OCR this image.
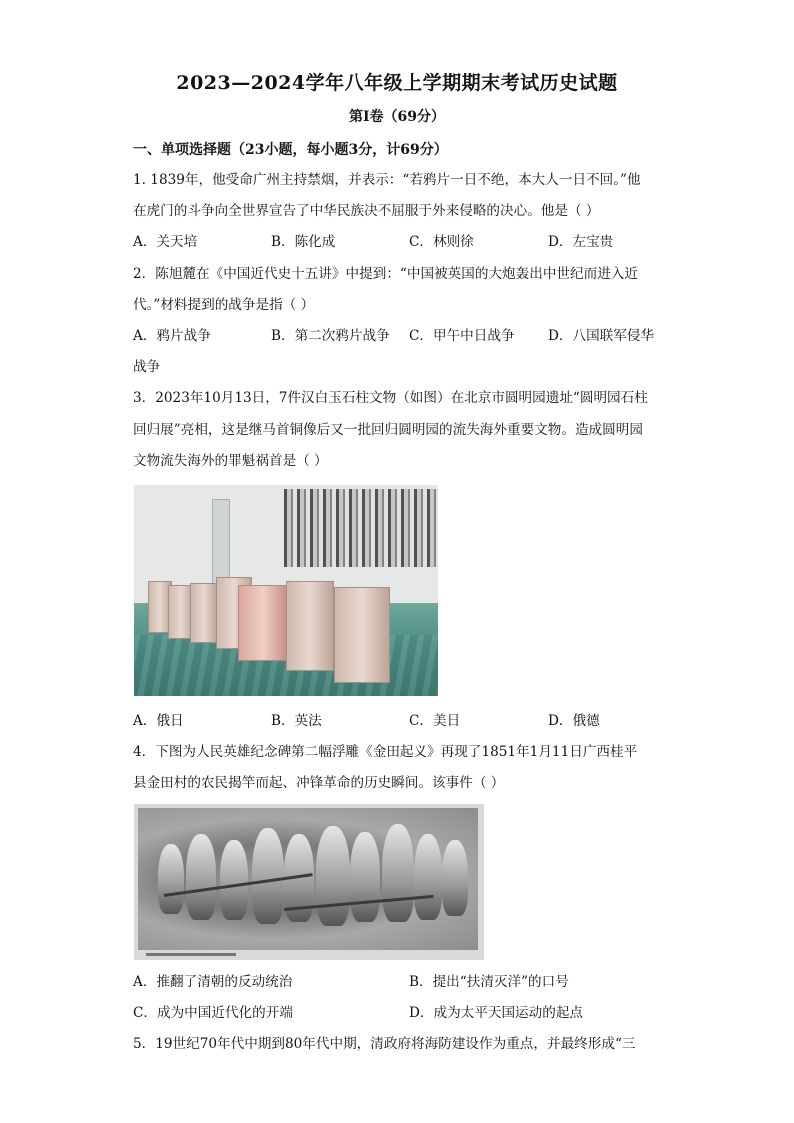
2023—2024学年八年级上学期期末考试历史试题
第Ⅰ卷（69分）
一、单项选择题（23小题，每小题3分，计69分）
1. 1839年，他受命广州主持禁烟，并表示：“若鸦片一日不绝，本大人一日不回。”他
在虎门的斗争向全世界宣告了中华民族决不屈服于外来侵略的决心。他是（ ）
A．关天培	B．陈化成	C．林则徐	D．左宝贵
2．陈旭麓在《中国近代史十五讲》中提到：“中国被英国的大炮轰出中世纪而进入近
代。”材料提到的战争是指（ ）
A．鸦片战争	B．第二次鸦片战争 C．甲午中日战争 D．八国联军侵华
战争
3．2023年10月13日，7件汉白玉石柱文物（如图）在北京市圆明园遗址“圆明园石柱
回归展”亮相，这是继马首铜像后又一批回归圆明园的流失海外重要文物。造成圆明园
文物流失海外的罪魁祸首是（ ）
A．俄日	B．英法	C．美日	D．俄德
4．下图为人民英雄纪念碑第二幅浮雕《金田起义》再现了1851年1月11日广西桂平
县金田村的农民揭竿而起、冲锋革命的历史瞬间。该事件（ ）
A．推翻了清朝的反动统治	B．提出“扶清灭洋”的口号
C．成为中国近代化的开端	D．成为太平天国运动的起点
5．19世纪70年代中期到80年代中期，清政府将海防建设作为重点，并最终形成“三
